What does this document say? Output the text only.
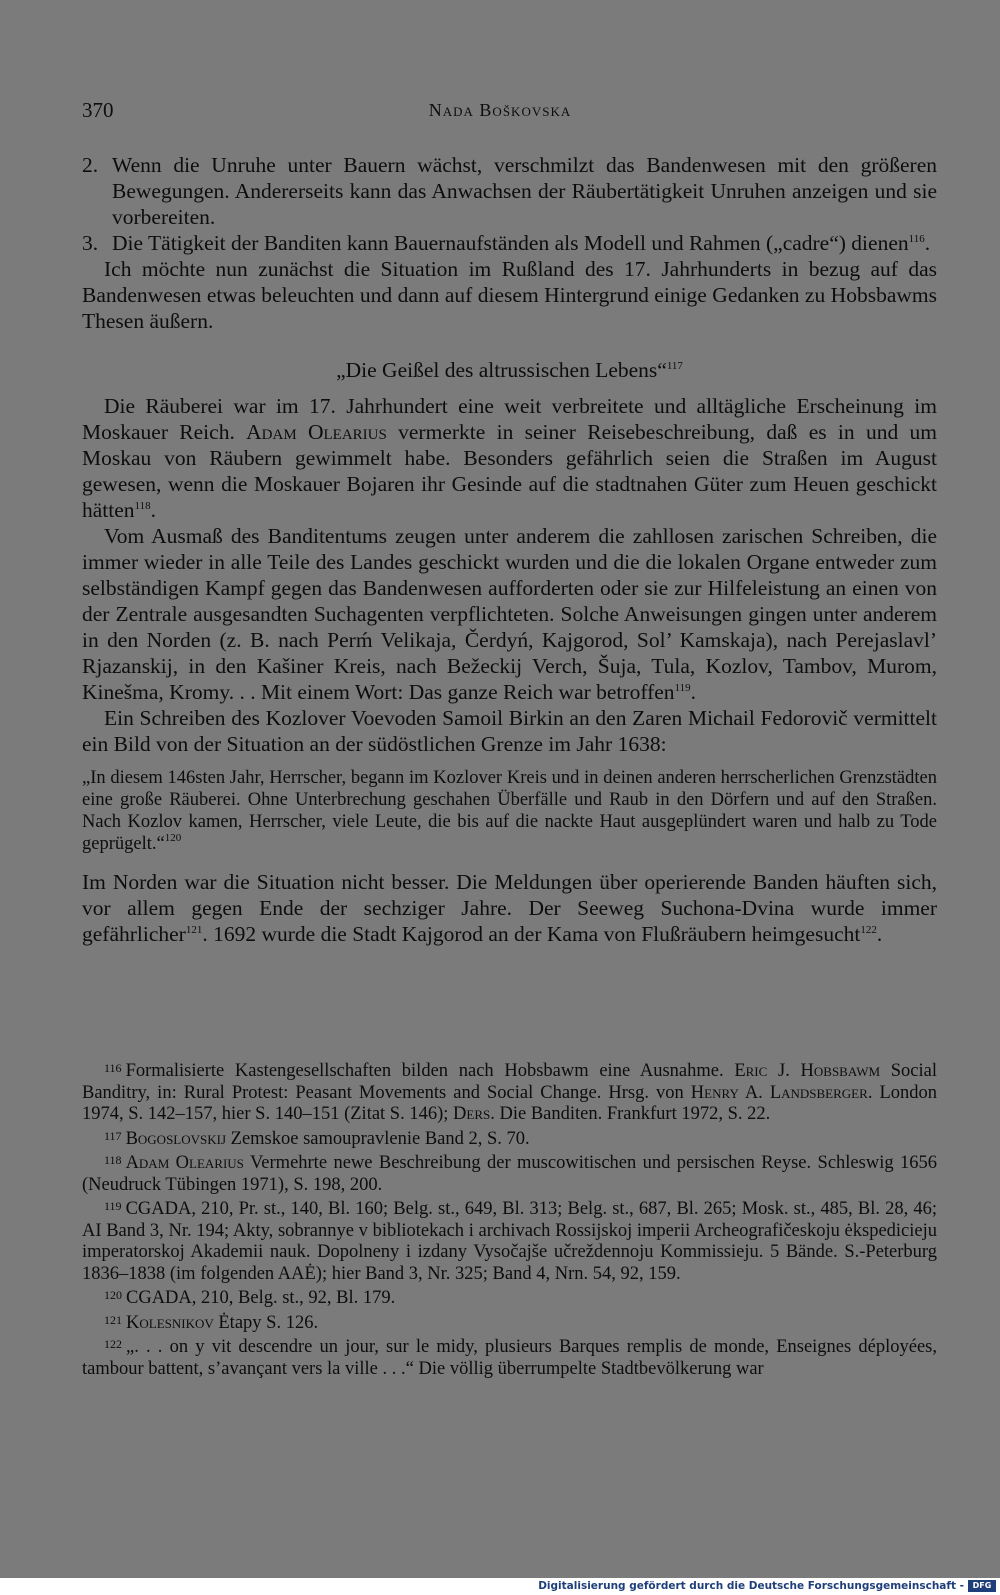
370	Nada Boškovska
2. Wenn die Unruhe unter Bauern wächst, verschmilzt das Bandenwesen mit den größeren Bewegungen. Andererseits kann das Anwachsen der Räubertätigkeit Unruhen anzeigen und sie vorbereiten.
3. Die Tätigkeit der Banditen kann Bauernaufständen als Modell und Rahmen („cadre“) dienen$^{116}$.

Ich möchte nun zunächst die Situation im Rußland des 17. Jahrhunderts in bezug auf das Bandenwesen etwas beleuchten und dann auf diesem Hintergrund einige Gedanken zu Hobsbawms Thesen äußern.

„Die Geißel des altrussischen Lebens“$^{117}$

Die Räuberei war im 17. Jahrhundert eine weit verbreitete und alltägliche Erscheinung im Moskauer Reich. Adam Olearius vermerkte in seiner Reisebeschreibung, daß es in und um Moskau von Räubern gewimmelt habe. Besonders gefährlich seien die Straßen im August gewesen, wenn die Moskauer Bojaren ihr Gesinde auf die stadtnahen Güter zum Heuen geschickt hätten$^{118}$.

Vom Ausmaß des Banditentums zeugen unter anderem die zahllosen zarischen Schreiben, die immer wieder in alle Teile des Landes geschickt wurden und die die lokalen Organe entweder zum selbständigen Kampf gegen das Bandenwesen aufforderten oder sie zur Hilfeleistung an einen von der Zentrale ausgesandten Suchagenten verpflichteten. Solche Anweisungen gingen unter anderem in den Norden (z. B. nach Perḿ Velikaja, Čerdyń, Kajgorod, Sol’ Kamskaja), nach Perejaslavl’ Rjazanskij, in den Kašiner Kreis, nach Bežeckij Verch, Šuja, Tula, Kozlov, Tambov, Murom, Kinešma, Kromy. . . Mit einem Wort: Das ganze Reich war betroffen$^{119}$.

Ein Schreiben des Kozlover Voevoden Samoil Birkin an den Zaren Michail Fedorovič vermittelt ein Bild von der Situation an der südöstlichen Grenze im Jahr 1638:

„In diesem 146sten Jahr, Herrscher, begann im Kozlover Kreis und in deinen anderen herrscherlichen Grenzstädten eine große Räuberei. Ohne Unterbrechung geschahen Überfälle und Raub in den Dörfern und auf den Straßen. Nach Kozlov kamen, Herrscher, viele Leute, die bis auf die nackte Haut ausgeplündert waren und halb zu Tode geprügelt.“$^{120}$

Im Norden war die Situation nicht besser. Die Meldungen über operierende Banden häuften sich, vor allem gegen Ende der sechziger Jahre. Der Seeweg Suchona-Dvina wurde immer gefährlicher$^{121}$. 1692 wurde die Stadt Kajgorod an der Kama von Flußräubern heimgesucht$^{122}$.

$^{116}$ Formalisierte Kastengesellschaften bilden nach Hobsbawm eine Ausnahme. Eric J. Hobsbawm Social Banditry, in: Rural Protest: Peasant Movements and Social Change. Hrsg. von Henry A. Landsberger. London 1974, S. 142–157, hier S. 140–151 (Zitat S. 146); Ders. Die Banditen. Frankfurt 1972, S. 22.
$^{117}$ Bogoslovskij Zemskoe samoupravlenie Band 2, S. 70.
$^{118}$ Adam Olearius Vermehrte newe Beschreibung der muscowitischen und persischen Reyse. Schleswig 1656 (Neudruck Tübingen 1971), S. 198, 200.
$^{119}$ CGADA, 210, Pr. st., 140, Bl. 160; Belg. st., 649, Bl. 313; Belg. st., 687, Bl. 265; Mosk. st., 485, Bl. 28, 46; AI Band 3, Nr. 194; Akty, sobrannye v bibliotekach i archivach Rossijskoj imperii Archeografičeskoju ėkspedicieju imperatorskoj Akademii nauk. Dopolneny i izdany Vysočajše učreždennoju Kommissieju. 5 Bände. S.-Peterburg 1836–1838 (im folgenden AAĖ); hier Band 3, Nr. 325; Band 4, Nrn. 54, 92, 159.
$^{120}$ CGADA, 210, Belg. st., 92, Bl. 179.
$^{121}$ Kolesnikov Ėtapy S. 126.
$^{122}$ „. . . on y vit descendre un jour, sur le midy, plusieurs Barques remplis de monde, Enseignes déployées, tambour battent, s’avançant vers la ville . . .“ Die völlig überrumpelte Stadtbevölkerung war
Digitalisierung gefördert durch die Deutsche Forschungsgemeinschaft -	DFG
